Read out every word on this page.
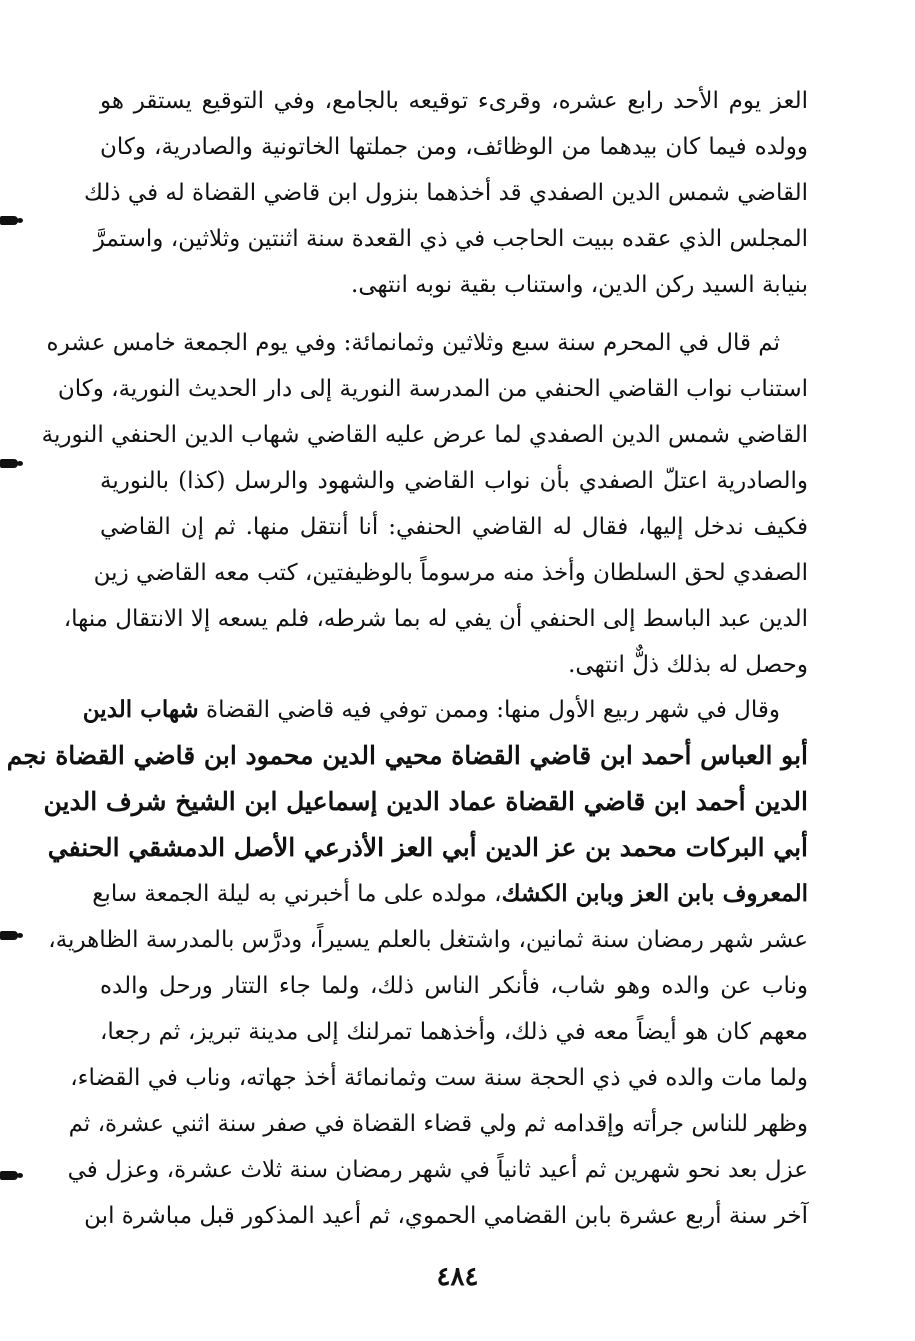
العز يوم الأحد رابع عشره، وقرىء توقيعه بالجامع، وفي التوقيع يستقر هو
وولده فيما كان بيدهما من الوظائف، ومن جملتها الخاتونية والصادرية، وكان
القاضي شمس الدين الصفدي قد أخذهما بنزول ابن قاضي القضاة له في ذلك
المجلس الذي عقده ببيت الحاجب في ذي القعدة سنة اثنتين وثلاثين، واستمرَّ
بنيابة السيد ركن الدين، واستناب بقية نوبه انتهى.
ثم قال في المحرم سنة سبع وثلاثين وثمانمائة: وفي يوم الجمعة خامس عشره
استناب نواب القاضي الحنفي من المدرسة النورية إلى دار الحديث النورية، وكان
القاضي شمس الدين الصفدي لما عرض عليه القاضي شهاب الدين الحنفي النورية
والصادرية اعتلّ الصفدي بأن نواب القاضي والشهود والرسل (كذا) بالنورية
فكيف ندخل إليها، فقال له القاضي الحنفي: أنا أنتقل منها. ثم إن القاضي
الصفدي لحق السلطان وأخذ منه مرسوماً بالوظيفتين، كتب معه القاضي زين
الدين عبد الباسط إلى الحنفي أن يفي له بما شرطه، فلم يسعه إلا الانتقال منها،
وحصل له بذلك ذلٌّ انتهى.
وقال في شهر ربيع الأول منها: وممن توفي فيه قاضي القضاة شهاب الدين
أبو العباس أحمد ابن قاضي القضاة محيي الدين محمود ابن قاضي القضاة نجم
الدين أحمد ابن قاضي القضاة عماد الدين إسماعيل ابن الشيخ شرف الدين
أبي البركات محمد بن عز الدين أبي العز الأذرعي الأصل الدمشقي الحنفي
المعروف بابن العز وبابن الكشك، مولده على ما أخبرني به ليلة الجمعة سابع
عشر شهر رمضان سنة ثمانين، واشتغل بالعلم يسيراً، ودرَّس بالمدرسة الظاهرية،
وناب عن والده وهو شاب، فأنكر الناس ذلك، ولما جاء التتار ورحل والده
معهم كان هو أيضاً معه في ذلك، وأخذهما تمرلنك إلى مدينة تبريز، ثم رجعا،
ولما مات والده في ذي الحجة سنة ست وثمانمائة أخذ جهاته، وناب في القضاء،
وظهر للناس جرأته وإقدامه ثم ولي قضاء القضاة في صفر سنة اثني عشرة، ثم
عزل بعد نحو شهرين ثم أعيد ثانياً في شهر رمضان سنة ثلاث عشرة، وعزل في
آخر سنة أربع عشرة بابن القضامي الحموي، ثم أعيد المذكور قبل مباشرة ابن
٤٨٤
